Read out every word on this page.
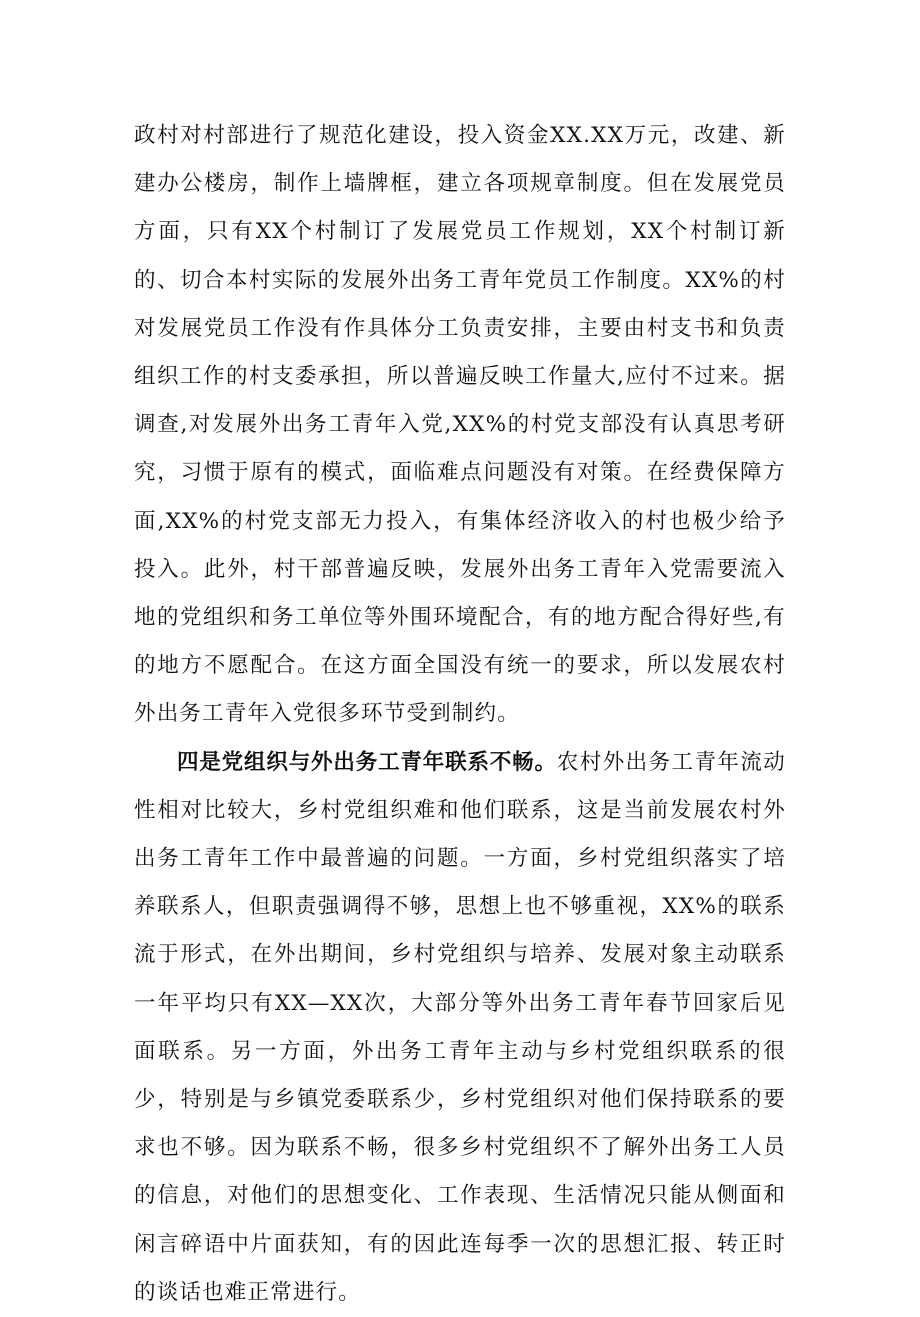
政村对村部进行了规范化建设，投入资金XX.XX万元，改建、新建办公楼房，制作上墙牌框，建立各项规章制度。但在发展党员方面，只有XX个村制订了发展党员工作规划，XX个村制订新的、切合本村实际的发展外出务工青年党员工作制度。XX%的村对发展党员工作没有作具体分工负责安排，主要由村支书和负责组织工作的村支委承担，所以普遍反映工作量大,应付不过来。据调查,对发展外出务工青年入党,XX%的村党支部没有认真思考研究，习惯于原有的模式，面临难点问题没有对策。在经费保障方面,XX%的村党支部无力投入，有集体经济收入的村也极少给予投入。此外，村干部普遍反映，发展外出务工青年入党需要流入地的党组织和务工单位等外围环境配合，有的地方配合得好些,有的地方不愿配合。在这方面全国没有统一的要求，所以发展农村外出务工青年入党很多环节受到制约。

四是党组织与外出务工青年联系不畅。农村外出务工青年流动性相对比较大，乡村党组织难和他们联系，这是当前发展农村外出务工青年工作中最普遍的问题。一方面，乡村党组织落实了培养联系人，但职责强调得不够，思想上也不够重视，XX%的联系流于形式，在外出期间，乡村党组织与培养、发展对象主动联系一年平均只有XX—XX次，大部分等外出务工青年春节回家后见面联系。另一方面，外出务工青年主动与乡村党组织联系的很少，特别是与乡镇党委联系少，乡村党组织对他们保持联系的要求也不够。因为联系不畅，很多乡村党组织不了解外出务工人员的信息，对他们的思想变化、工作表现、生活情况只能从侧面和闲言碎语中片面获知，有的因此连每季一次的思想汇报、转正时的谈话也难正常进行。
